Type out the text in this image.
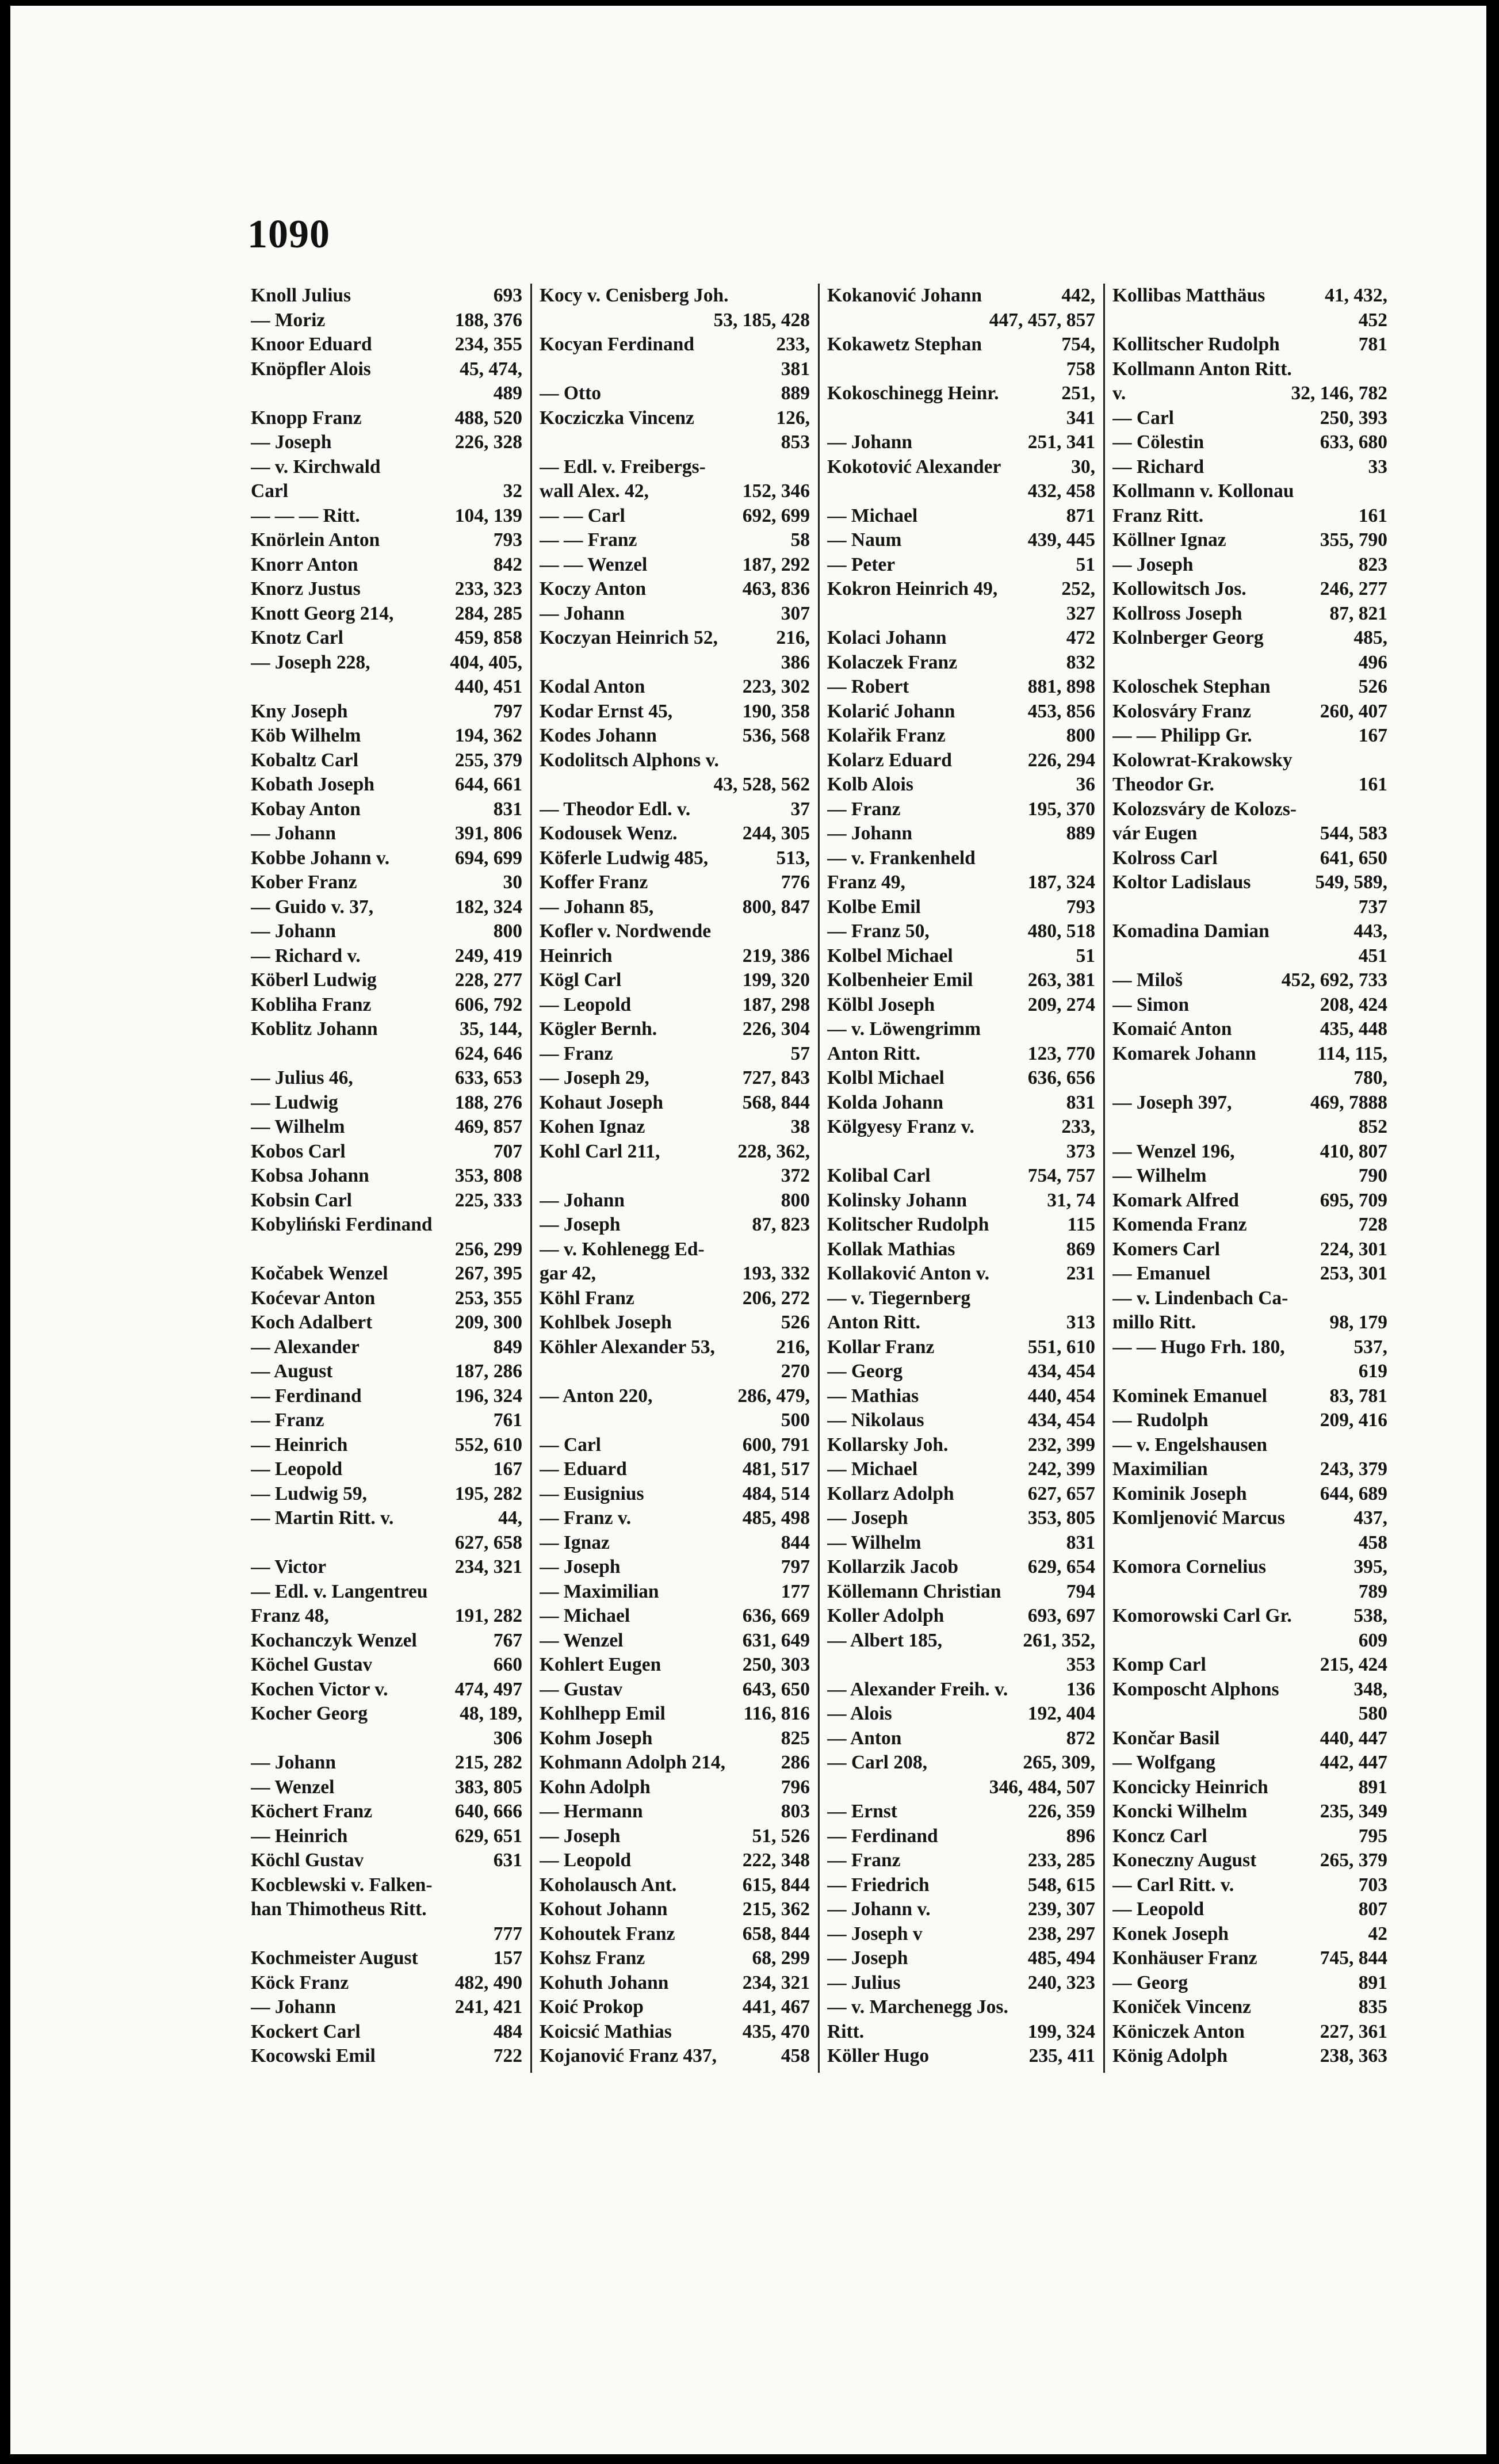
1090
Knoll Julius	693
— Moriz	188, 376
Knoor Eduard	234, 355
Knöpfler Alois	45, 474,
489
Knopp Franz	488, 520
— Joseph	226, 328
— v. Kirchwald
Carl	32
— — — Ritt.	104, 139
Knörlein Anton	793
Knorr Anton	842
Knorz Justus	233, 323
Knott Georg 214,	284, 285
Knotz Carl	459, 858
— Joseph 228,	404, 405,
440, 451
Kny Joseph	797
Köb Wilhelm	194, 362
Kobaltz Carl	255, 379
Kobath Joseph	644, 661
Kobay Anton	831
— Johann	391, 806
Kobbe Johann v.	694, 699
Kober Franz	30
— Guido v. 37,	182, 324
— Johann	800
— Richard v.	249, 419
Köberl Ludwig	228, 277
Kobliha Franz	606, 792
Koblitz Johann	35, 144,
624, 646
— Julius 46,	633, 653
— Ludwig	188, 276
— Wilhelm	469, 857
Kobos Carl	707
Kobsa Johann	353, 808
Kobsin Carl	225, 333
Kobyliński Ferdinand
256, 299
Kočabek Wenzel	267, 395
Koćevar Anton	253, 355
Koch Adalbert	209, 300
— Alexander	849
— August	187, 286
— Ferdinand	196, 324
— Franz	761
— Heinrich	552, 610
— Leopold	167
— Ludwig 59,	195, 282
— Martin Ritt. v.	44,
627, 658
— Victor	234, 321
— Edl. v. Langentreu
Franz 48,	191, 282
Kochanczyk Wenzel	767
Köchel Gustav	660
Kochen Victor v.	474, 497
Kocher Georg	48, 189,
306
— Johann	215, 282
— Wenzel	383, 805
Köchert Franz	640, 666
— Heinrich	629, 651
Köchl Gustav	631
Kocblewski v. Falken-
han Thimotheus Ritt.
777
Kochmeister August	157
Köck Franz	482, 490
— Johann	241, 421
Kockert Carl	484
Kocowski Emil	722
Kocy v. Cenisberg Joh.
53, 185, 428
Kocyan Ferdinand	233,
381
— Otto	889
Kocziczka Vincenz	126,
853
— Edl. v. Freibergs-
wall Alex. 42,	152, 346
— — Carl	692, 699
— — Franz	58
— — Wenzel	187, 292
Koczy Anton	463, 836
— Johann	307
Koczyan Heinrich 52,	216,
386
Kodal Anton	223, 302
Kodar Ernst 45,	190, 358
Kodes Johann	536, 568
Kodolitsch Alphons v.
43, 528, 562
— Theodor Edl. v.	37
Kodousek Wenz.	244, 305
Köferle Ludwig 485,	513,
Koffer Franz	776
— Johann 85,	800, 847
Kofler v. Nordwende
Heinrich	219, 386
Kögl Carl	199, 320
— Leopold	187, 298
Kögler Bernh.	226, 304
— Franz	57
— Joseph 29,	727, 843
Kohaut Joseph	568, 844
Kohen Ignaz	38
Kohl Carl 211,	228, 362,
372
— Johann	800
— Joseph	87, 823
— v. Kohlenegg Ed-
gar 42,	193, 332
Köhl Franz	206, 272
Kohlbek Joseph	526
Köhler Alexander 53,	216,
270
— Anton 220,	286, 479,
500
— Carl	600, 791
— Eduard	481, 517
— Eusignius	484, 514
— Franz v.	485, 498
— Ignaz	844
— Joseph	797
— Maximilian	177
— Michael	636, 669
— Wenzel	631, 649
Kohlert Eugen	250, 303
— Gustav	643, 650
Kohlhepp Emil	116, 816
Kohm Joseph	825
Kohmann Adolph 214,	286
Kohn Adolph	796
— Hermann	803
— Joseph	51, 526
— Leopold	222, 348
Koholausch Ant.	615, 844
Kohout Johann	215, 362
Kohoutek Franz	658, 844
Kohsz Franz	68, 299
Kohuth Johann	234, 321
Koić Prokop	441, 467
Koicsić Mathias	435, 470
Kojanović Franz 437,	458
Kokanović Johann	442,
447, 457, 857
Kokawetz Stephan	754,
758
Kokoschinegg Heinr.	251,
341
— Johann	251, 341
Kokotović Alexander	30,
432, 458
— Michael	871
— Naum	439, 445
— Peter	51
Kokron Heinrich 49,	252,
327
Kolaci Johann	472
Kolaczek Franz	832
— Robert	881, 898
Kolarić Johann	453, 856
Kolařik Franz	800
Kolarz Eduard	226, 294
Kolb Alois	36
— Franz	195, 370
— Johann	889
— v. Frankenheld
Franz 49,	187, 324
Kolbe Emil	793
— Franz 50,	480, 518
Kolbel Michael	51
Kolbenheier Emil	263, 381
Kölbl Joseph	209, 274
— v. Löwengrimm
Anton Ritt.	123, 770
Kolbl Michael	636, 656
Kolda Johann	831
Kölgyesy Franz v.	233,
373
Kolibal Carl	754, 757
Kolinsky Johann	31, 74
Kolitscher Rudolph	115
Kollak Mathias	869
Kollaković Anton v.	231
— v. Tiegernberg
Anton Ritt.	313
Kollar Franz	551, 610
— Georg	434, 454
— Mathias	440, 454
— Nikolaus	434, 454
Kollarsky Joh.	232, 399
— Michael	242, 399
Kollarz Adolph	627, 657
— Joseph	353, 805
— Wilhelm	831
Kollarzik Jacob	629, 654
Köllemann Christian	794
Koller Adolph	693, 697
— Albert 185,	261, 352,
353
— Alexander Freih. v.	136
— Alois	192, 404
— Anton	872
— Carl 208,	265, 309,
346, 484, 507
— Ernst	226, 359
— Ferdinand	896
— Franz	233, 285
— Friedrich	548, 615
— Johann v.	239, 307
— Joseph v	238, 297
— Joseph	485, 494
— Julius	240, 323
— v. Marchenegg Jos.
Ritt.	199, 324
Köller Hugo	235, 411
Kollibas Matthäus	41, 432,
452
Kollitscher Rudolph	781
Kollmann Anton Ritt.
v.	32, 146, 782
— Carl	250, 393
— Cölestin	633, 680
— Richard	33
Kollmann v. Kollonau
Franz Ritt.	161
Köllner Ignaz	355, 790
— Joseph	823
Kollowitsch Jos.	246, 277
Kollross Joseph	87, 821
Kolnberger Georg	485,
496
Koloschek Stephan	526
Kolosváry Franz	260, 407
— — Philipp Gr.	167
Kolowrat-Krakowsky
Theodor Gr.	161
Kolozsváry de Kolozs-
vár Eugen	544, 583
Kolross Carl	641, 650
Koltor Ladislaus	549, 589,
737
Komadina Damian	443,
451
— Miloš	452, 692, 733
— Simon	208, 424
Komaić Anton	435, 448
Komarek Johann	114, 115,
780,
— Joseph 397,	469, 7888
852
— Wenzel 196,	410, 807
— Wilhelm	790
Komark Alfred	695, 709
Komenda Franz	728
Komers Carl	224, 301
— Emanuel	253, 301
— v. Lindenbach Ca-
millo Ritt.	98, 179
— — Hugo Frh. 180,	537,
619
Kominek Emanuel	83, 781
— Rudolph	209, 416
— v. Engelshausen
Maximilian	243, 379
Kominik Joseph	644, 689
Komljenović Marcus	437,
458
Komora Cornelius	395,
789
Komorowski Carl Gr.	538,
609
Komp Carl	215, 424
Komposcht Alphons	348,
580
Končar Basil	440, 447
— Wolfgang	442, 447
Koncicky Heinrich	891
Koncki Wilhelm	235, 349
Koncz Carl	795
Koneczny August	265, 379
— Carl Ritt. v.	703
— Leopold	807
Konek Joseph	42
Konhäuser Franz	745, 844
— Georg	891
Koniček Vincenz	835
Köniczek Anton	227, 361
König Adolph	238, 363
